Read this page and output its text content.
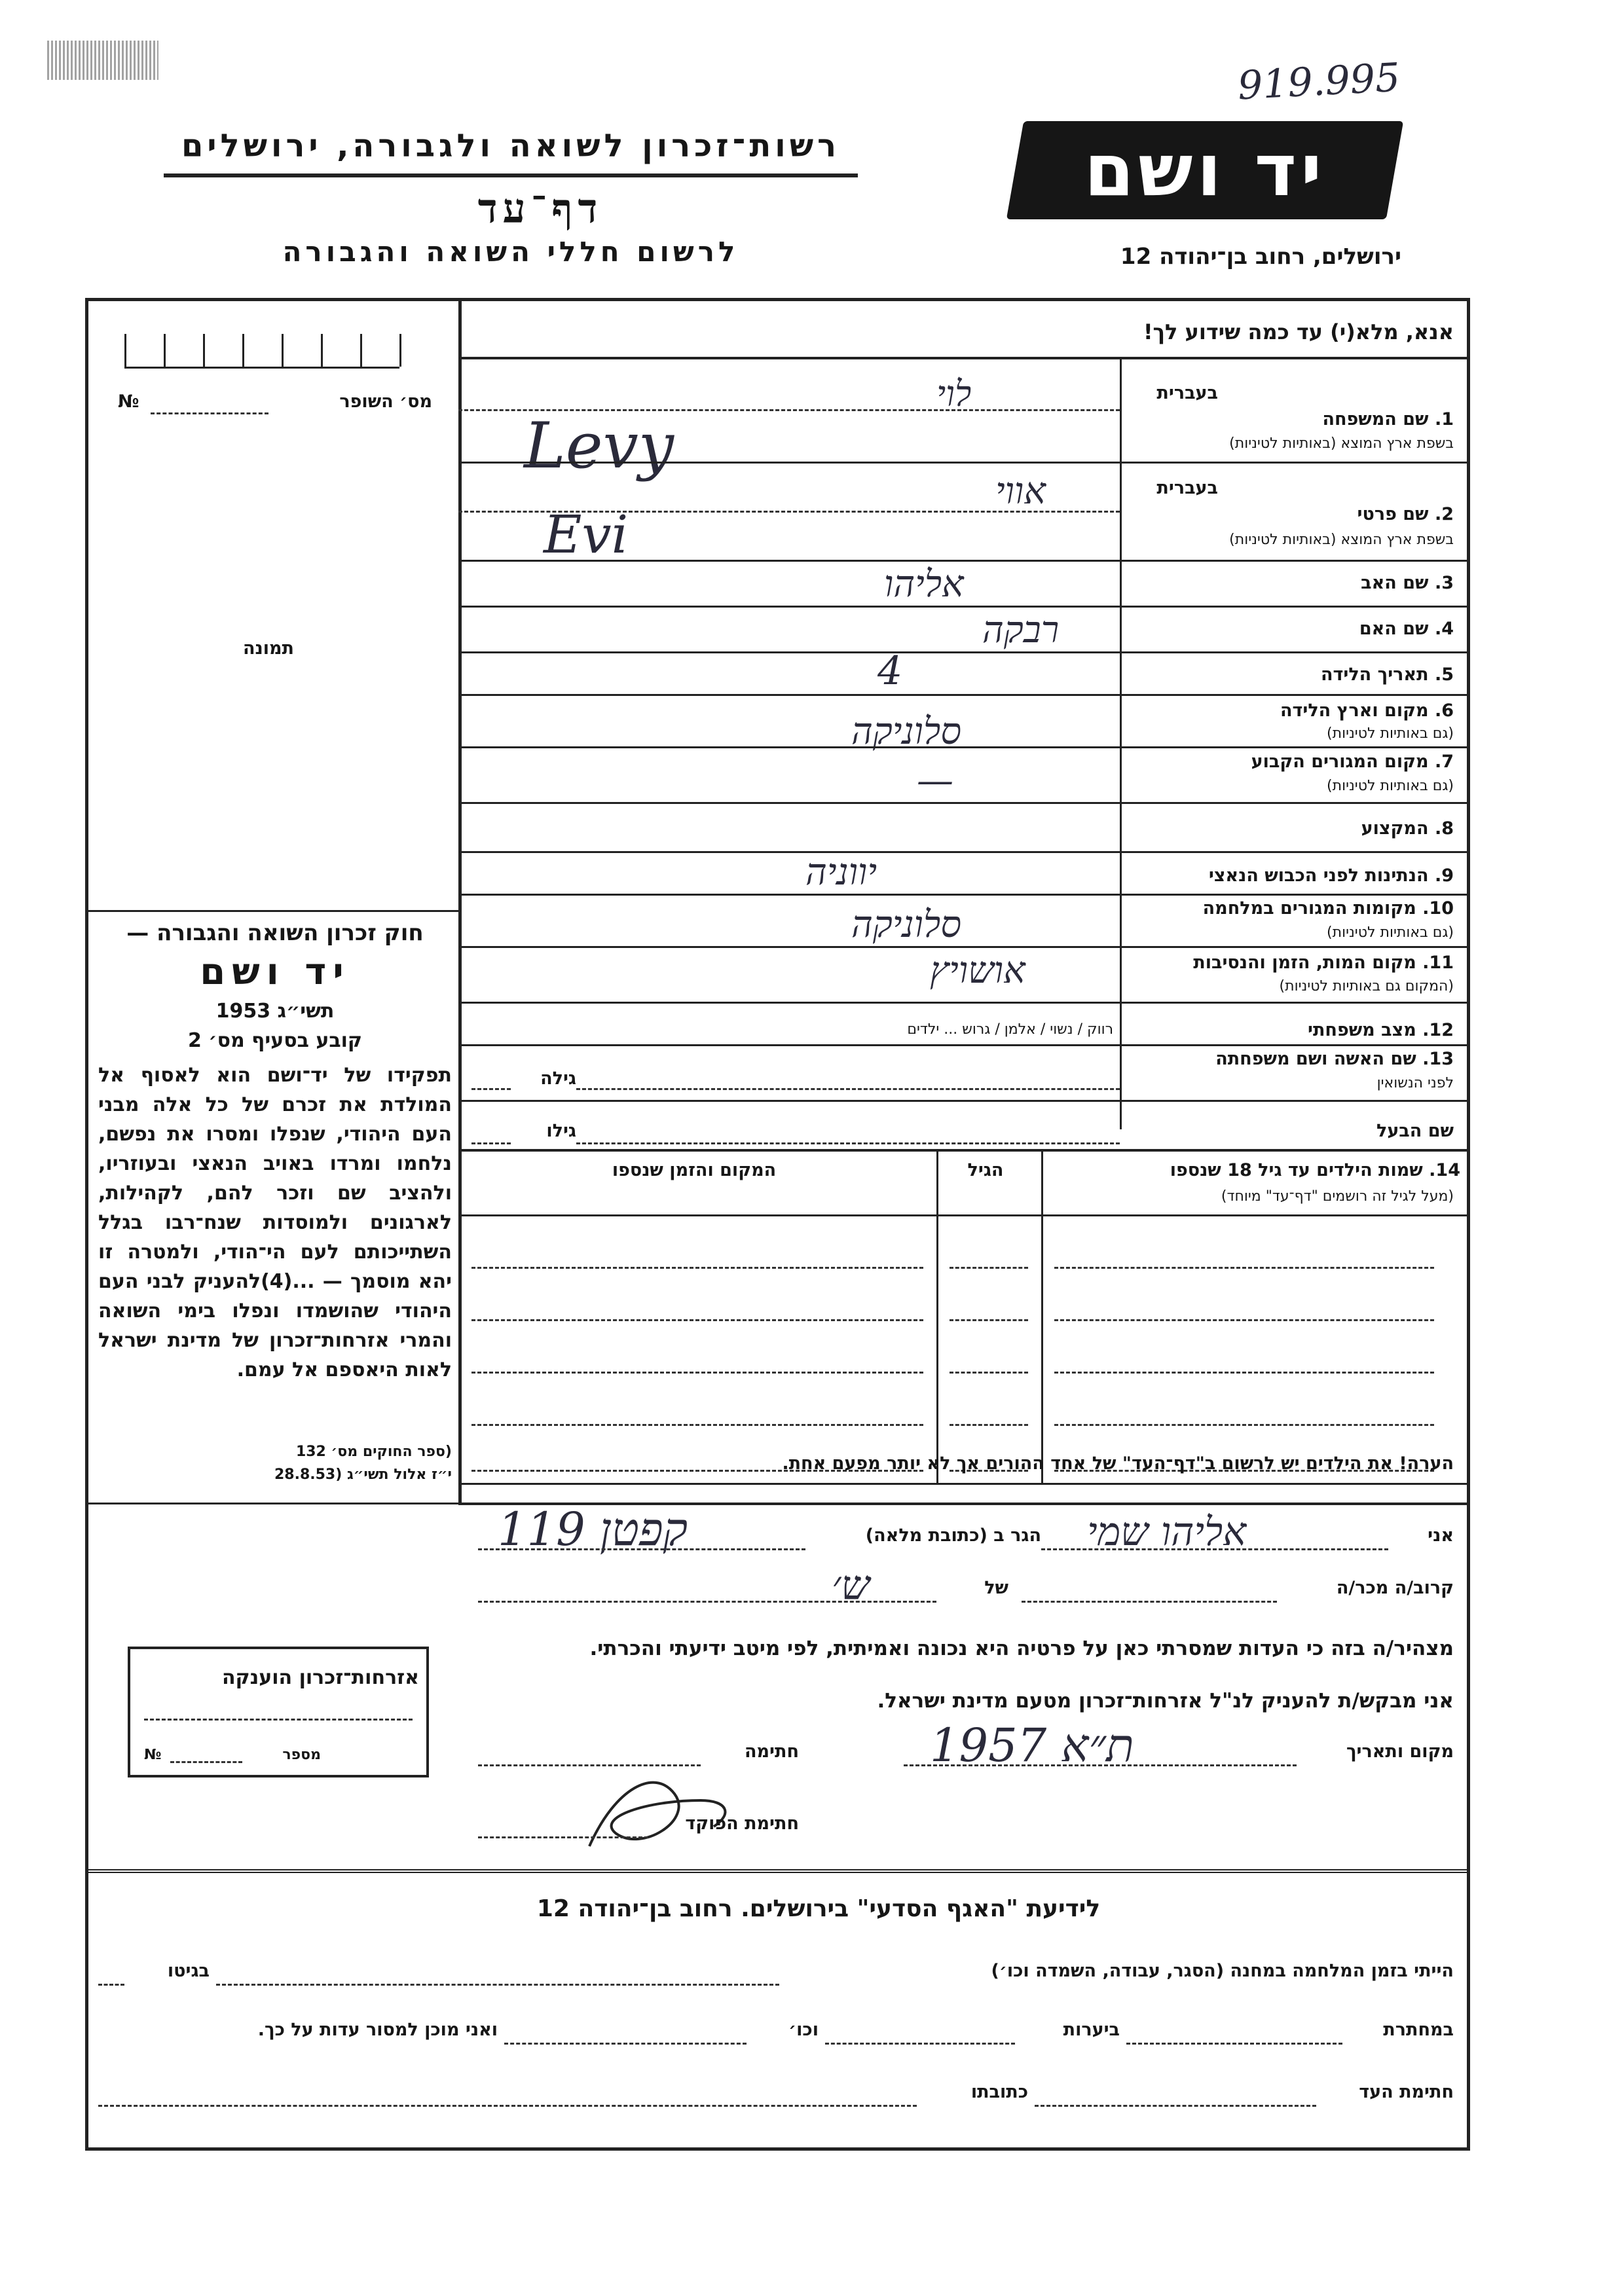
919.995
רשות־זכרון לשואה ולגבורה, ירושלים
דף־עד
לרשום חללי השואה והגבורה
יד ושם
ירושלים, רחוב בן־יהודה 12
אנא, מלא(י) עד כמה שידוע לך!
מס׳ השופר
№
תמונה
בעברית
1. שם המשפחה
בשפת ארץ המוצא (באותיות לטיניות)
לוי
Levy
בעברית
2. שם פרטי
בשפת ארץ המוצא (באותיות לטיניות)
אווי
Evi
3. שם האב
אליהו
4. שם האם
רבקה
5. תאריך הלידה
4
6. מקום וארץ הלידה
(גם באותיות לטיניות)
סלוניקה
7. מקום המגורים הקבוע
(גם באותיות לטיניות)
—
8. המקצוע
9. הנתינות לפני הכבוש הנאצי
יווניה
10. מקומות המגורים במלחמה
(גם באותיות לטיניות)
סלוניקה
11. מקום המות, הזמן והנסיבות
(המקום גם באותיות לטיניות)
אושויץ
12. מצב משפחתי
רווק / נשוי / אלמן / גרוש ... ילדים
13. שם האשה ושם משפחתה
לפני הנשואין
גילה
שם הבעל
גילו
14. שמות הילדים עד גיל 18 שנספו
(מעל לגיל זה רושמים "דף־עד" מיוחד)
הגיל
המקום והזמן שנספו
הערה! את הילדים יש לרשום ב"דף־העד" של אחד ההורים אך לא יותר מפעם אחת.
חוק זכרון השואה והגבורה —
יד ושם
תשי״ג 1953
קובע בסעיף מס׳ 2
תפקידו של יד־ושם הוא לאסוף אל המולדת את זכרם של כל אלה מבני העם היהודי, שנפלו ומסרו את נפשם, נלחמו ומרדו באויב הנאצי ובעוזריו, ולהציב שם וזכר להם, לקהילות, לארגונים ולמוסדות שנח־רבו בגלל השתייכותם לעם הי־הודי, ולמטרה זו יהא מוסמך — ...(4)להעניק לבני העם היהודי שהושמדו ונפלו בימי השואה והמרי אזרחות־זכרון של מדינת ישראל לאות היאספם אל עמם.
(ספר החוקים מס׳ 132
י״ז אלול תשי״ג (28.8.53
אזרחות־זכרון הוענקה
מספר
№
אני
אליהו שמי
הגר ב (כתובת מלאה)
קפטן 119
קרוב/ה מכר/ה
של
ש׳
מצהיר/ה בזה כי העדות שמסרתי כאן על פרטיה היא נכונה ואמיתית, לפי מיטב ידיעתי והכרתי.
אני מבקש/ת להעניק לנ"ל אזרחות־זכרון מטעם מדינת ישראל.
מקום ותאריך
ת״א 1957
חתימה
חתימת הפוקד
לידיעת "האגף הסדעי" בירושלים. רחוב בן־יהודה 12
הייתי בזמן המלחמה במחנה (הסגר, עבודה, השמדה וכו׳)
בגיטו
במחתרת
ביערות
וכו׳
ואני מוכן למסור עדות על כך.
חתימת העד
כתובתו
